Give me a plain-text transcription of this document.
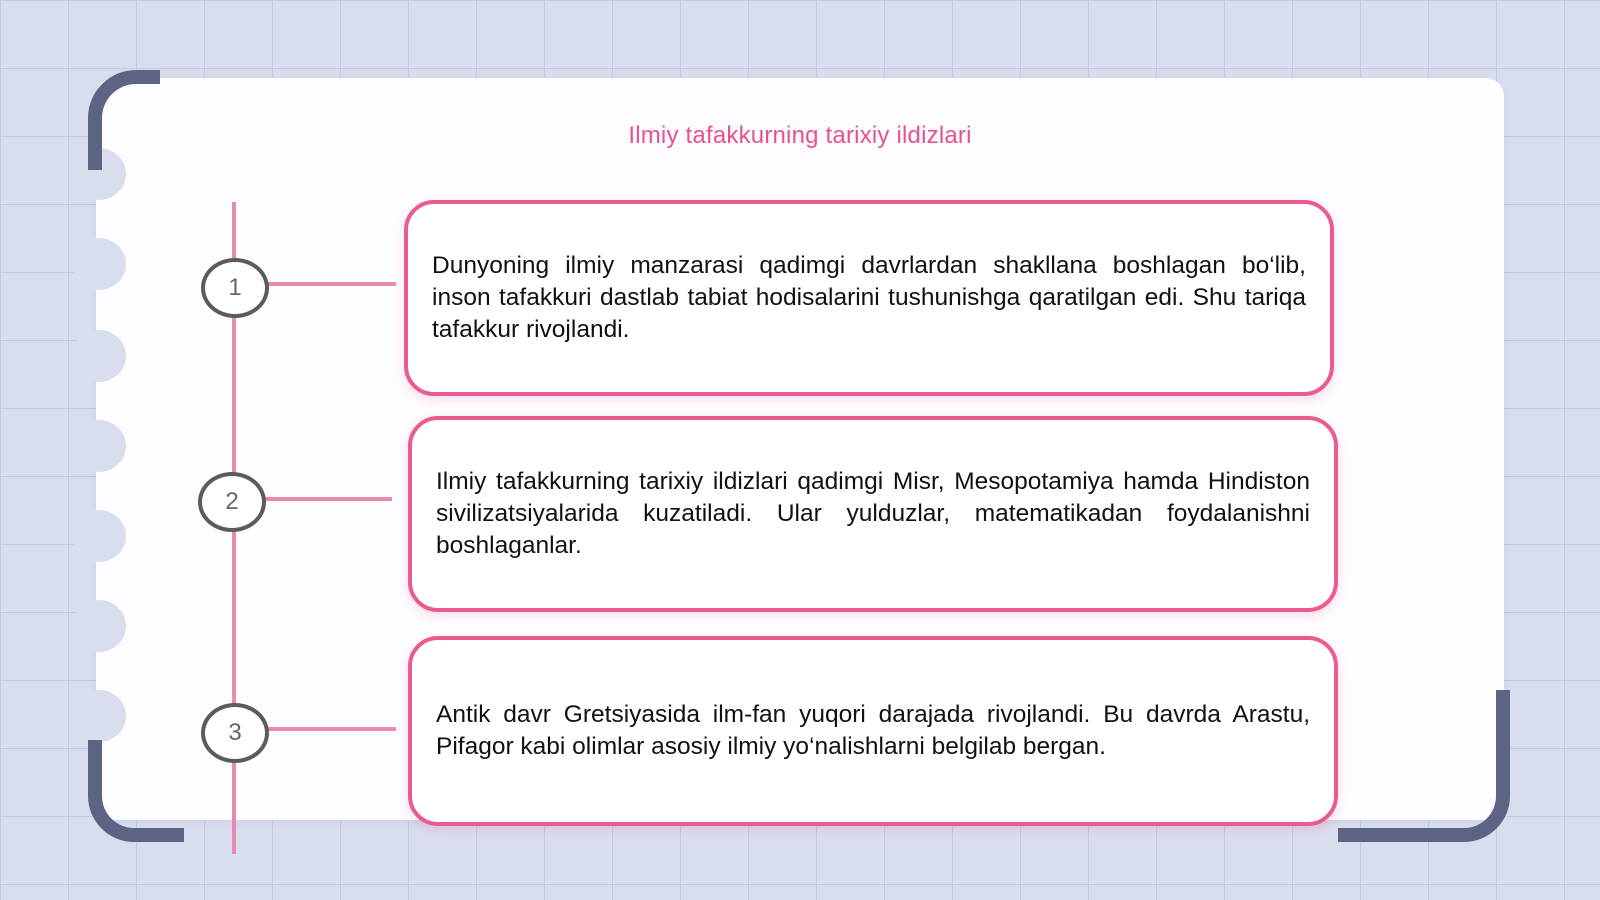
Ilmiy tafakkurning tarixiy ildizlari
1
2
3

Dunyoning ilmiy manzarasi qadimgi davrlardan shakllana boshlagan bo‘lib, inson tafakkuri dastlab tabiat hodisalarini tushunishga qaratilgan edi. Shu tariqa tafakkur rivojlandi.

Ilmiy tafakkurning tarixiy ildizlari qadimgi Misr, Mesopotamiya hamda Hindiston sivilizatsiyalarida kuzatiladi. Ular yulduzlar, matematikadan foydalanishni boshlaganlar.

Antik davr Gretsiyasida ilm-fan yuqori darajada rivojlandi. Bu davrda Arastu, Pifagor kabi olimlar asosiy ilmiy yo‘nalishlarni belgilab bergan.
